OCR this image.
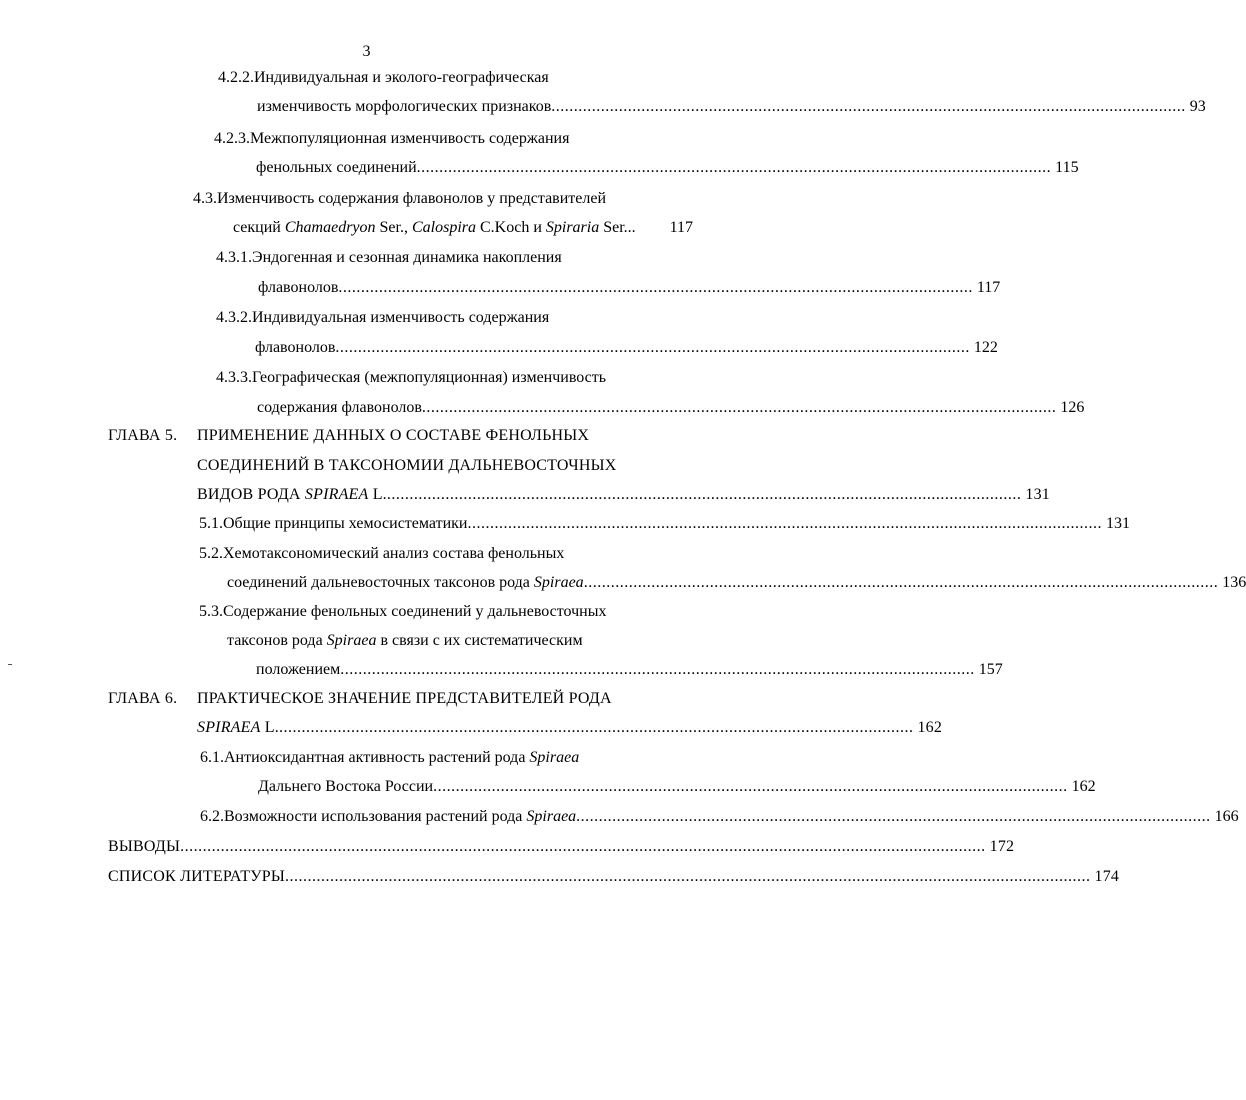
3
4.2.2.Индивидуальная и эколого-географическая
изменчивость морфологических признаков ............................................................................................................................................. 93
4.2.3.Межпопуляционная изменчивость содержания
фенольных соединений ............................................................................................................................................. 115
4.3.Изменчивость содержания флавонолов у представителей
секций Chamaedryon Ser., Calospira C.Koch и Spiraria Ser... 117
4.3.1.Эндогенная и сезонная динамика накопления
флавонолов ............................................................................................................................................. 117
4.3.2.Индивидуальная изменчивость содержания
флавонолов ............................................................................................................................................. 122
4.3.3.Географическая (межпопуляционная) изменчивость
содержания флавонолов ............................................................................................................................................. 126
ГЛАВА 5. ПРИМЕНЕНИЕ ДАННЫХ О СОСТАВЕ ФЕНОЛЬНЫХ
СОЕДИНЕНИЙ В ТАКСОНОМИИ ДАЛЬНЕВОСТОЧНЫХ
ВИДОВ РОДА SPIRAEA L. ............................................................................................................................................. 131
5.1.Общие принципы хемосистематики ............................................................................................................................................. 131
5.2.Хемотаксономический анализ состава фенольных
соединений дальневосточных таксонов рода Spiraea ............................................................................................................................................. 136
5.3.Содержание фенольных соединений у дальневосточных
таксонов рода Spiraea в связи с их систематическим
положением ............................................................................................................................................. 157
ГЛАВА 6. ПРАКТИЧЕСКОЕ ЗНАЧЕНИЕ ПРЕДСТАВИТЕЛЕЙ РОДА
SPIRAEA L. ............................................................................................................................................. 162
6.1.Антиоксидантная активность растений рода Spiraea
Дальнего Востока России ............................................................................................................................................. 162
6.2.Возможности использования растений рода Spiraea ............................................................................................................................................. 166
ВЫВОДЫ ................................................................................................................................................................................... 172
СПИСОК ЛИТЕРАТУРЫ ................................................................................................................................................................................... 174
